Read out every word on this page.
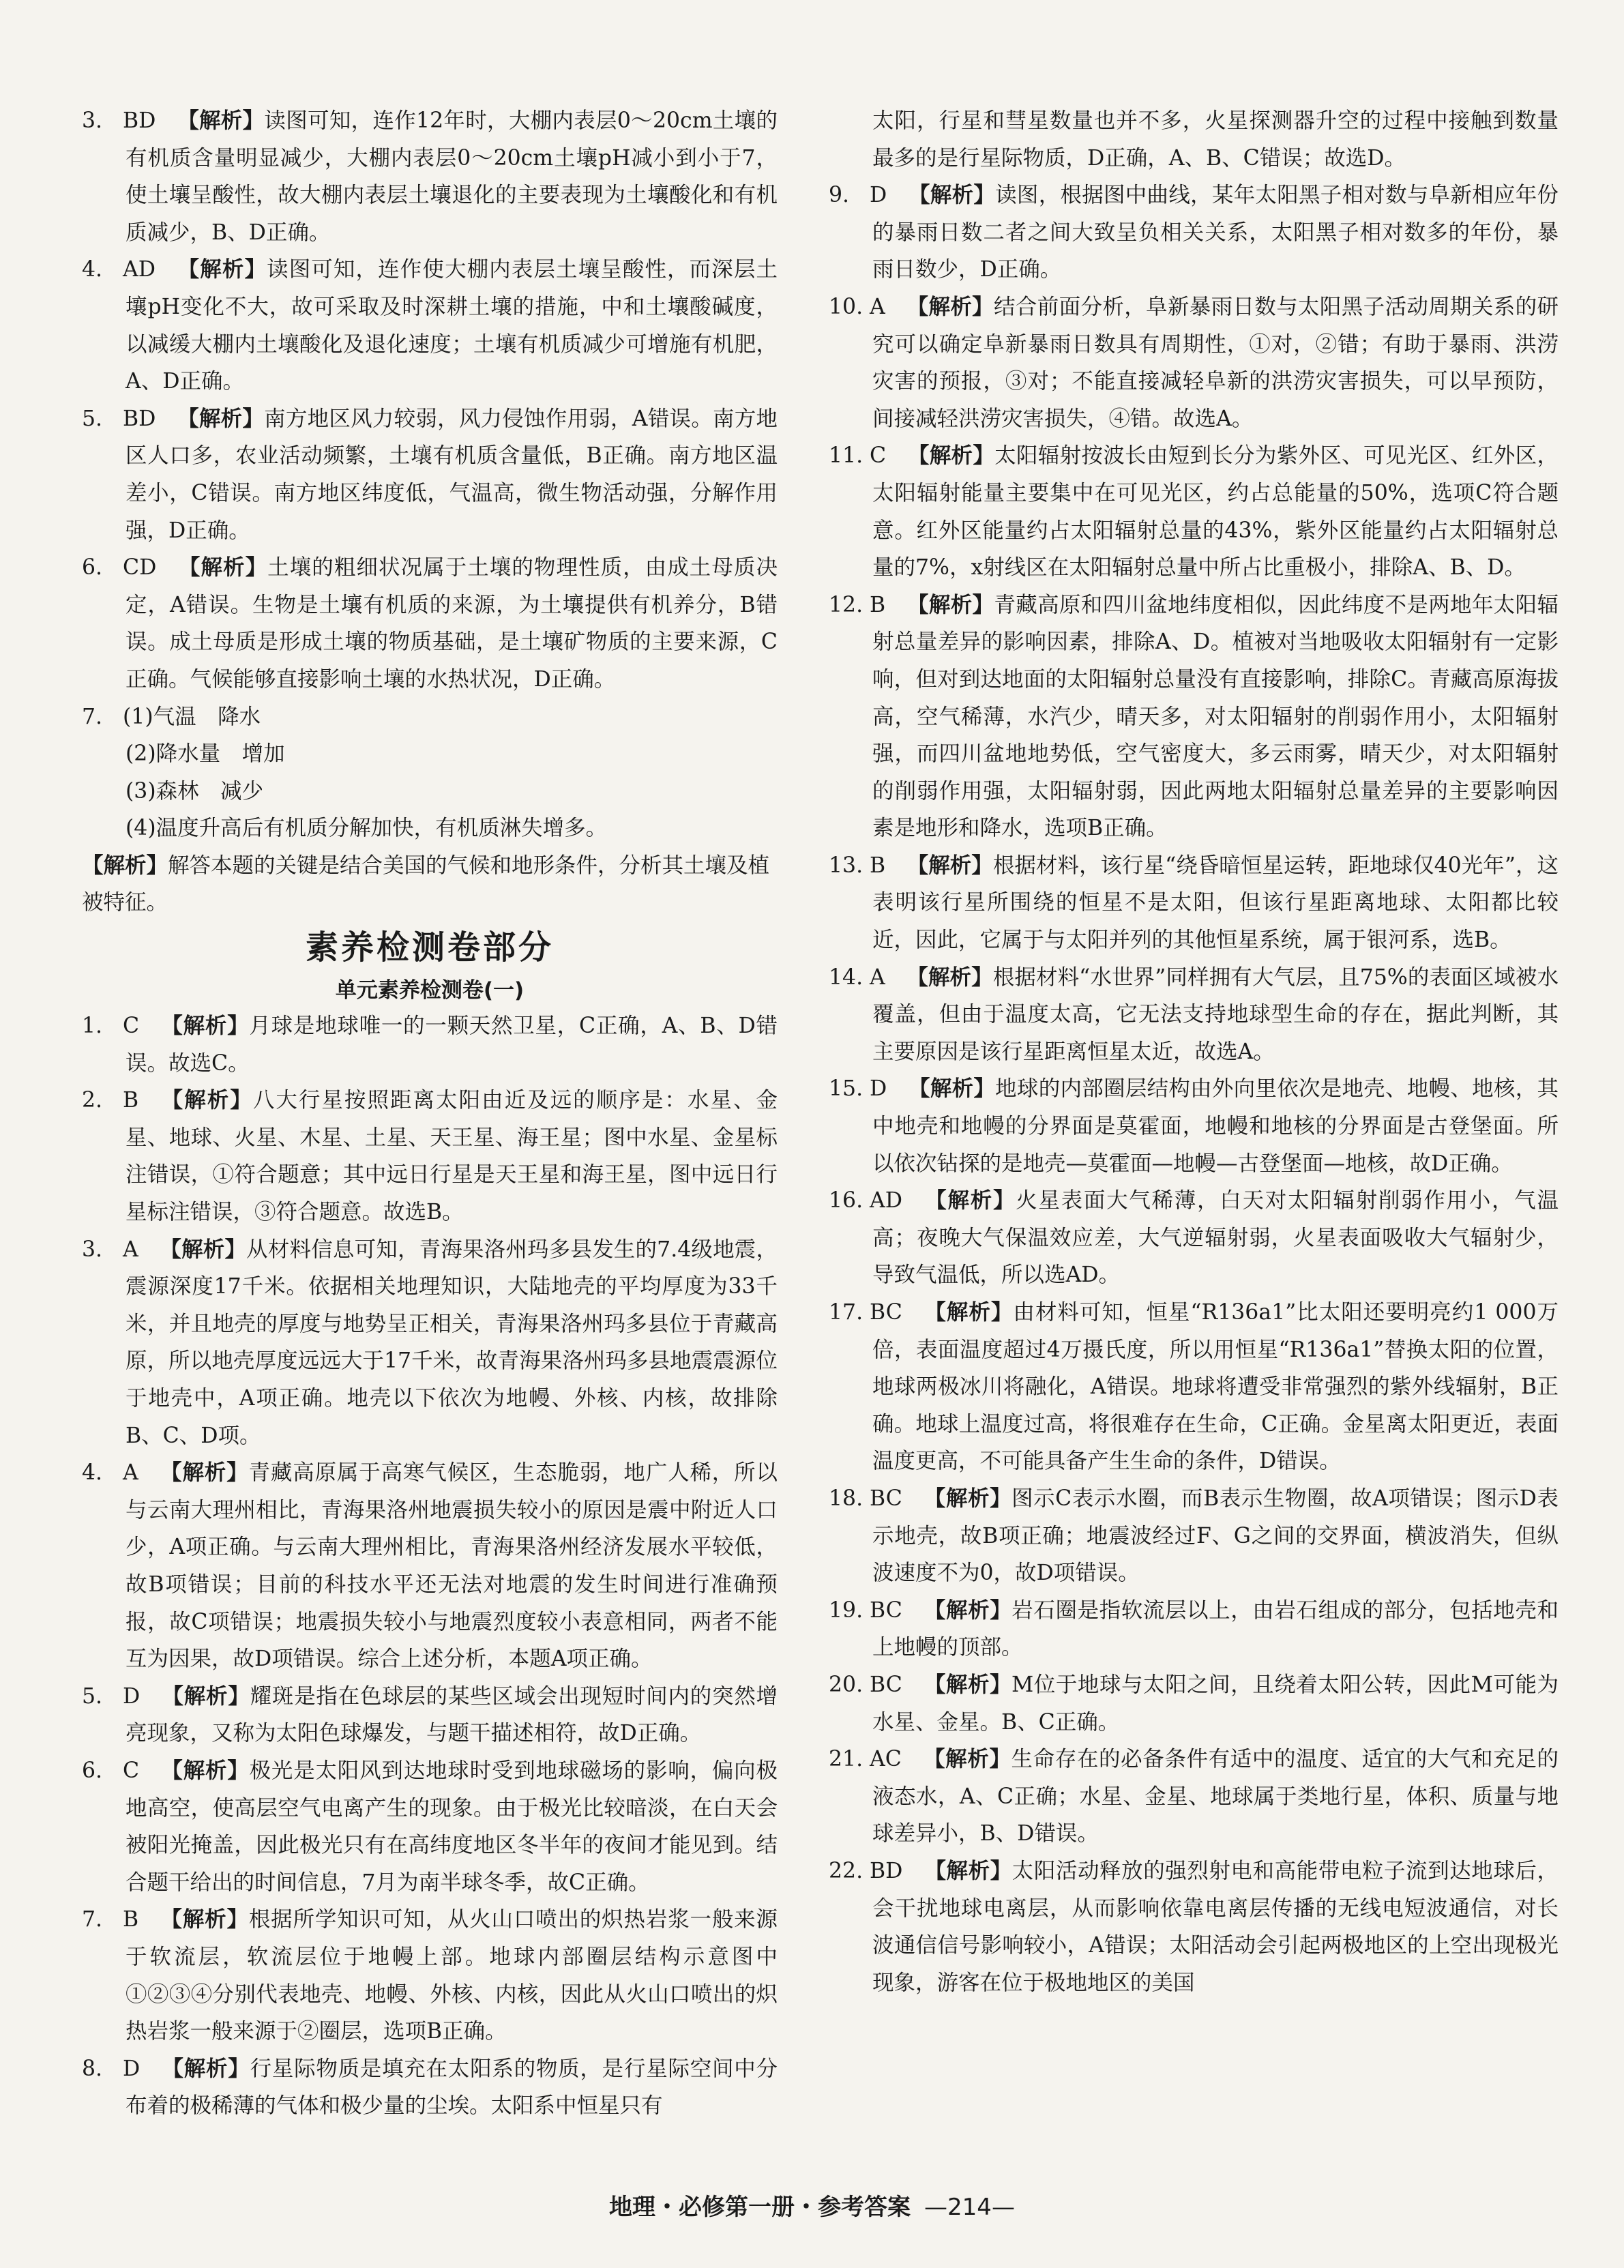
3. BD  【解析】读图可知，连作12年时，大棚内表层0～20cm土壤的有机质含量明显减少，大棚内表层0～20cm土壤pH减小到小于7，使土壤呈酸性，故大棚内表层土壤退化的主要表现为土壤酸化和有机质减少，B、D正确。
4. AD  【解析】读图可知，连作使大棚内表层土壤呈酸性，而深层土壤pH变化不大，故可采取及时深耕土壤的措施，中和土壤酸碱度，以减缓大棚内土壤酸化及退化速度；土壤有机质减少可增施有机肥，A、D正确。
5. BD  【解析】南方地区风力较弱，风力侵蚀作用弱，A错误。南方地区人口多，农业活动频繁，土壤有机质含量低，B正确。南方地区温差小，C错误。南方地区纬度低，气温高，微生物活动强，分解作用强，D正确。
6. CD  【解析】土壤的粗细状况属于土壤的物理性质，由成土母质决定，A错误。生物是土壤有机质的来源，为土壤提供有机养分，B错误。成土母质是形成土壤的物质基础，是土壤矿物质的主要来源，C正确。气候能够直接影响土壤的水热状况，D正确。
7. (1)气温　降水
(2)降水量　增加
(3)森林　减少
(4)温度升高后有机质分解加快，有机质淋失增多。
【解析】解答本题的关键是结合美国的气候和地形条件，分析其土壤及植被特征。
素养检测卷部分
单元素养检测卷(一)
1. C  【解析】月球是地球唯一的一颗天然卫星，C正确，A、B、D错误。故选C。
2. B  【解析】八大行星按照距离太阳由近及远的顺序是：水星、金星、地球、火星、木星、土星、天王星、海王星；图中水星、金星标注错误，①符合题意；其中远日行星是天王星和海王星，图中远日行星标注错误，③符合题意。故选B。
3. A  【解析】从材料信息可知，青海果洛州玛多县发生的7.4级地震，震源深度17千米。依据相关地理知识，大陆地壳的平均厚度为33千米，并且地壳的厚度与地势呈正相关，青海果洛州玛多县位于青藏高原，所以地壳厚度远远大于17千米，故青海果洛州玛多县地震震源位于地壳中，A项正确。地壳以下依次为地幔、外核、内核，故排除B、C、D项。
4. A  【解析】青藏高原属于高寒气候区，生态脆弱，地广人稀，所以与云南大理州相比，青海果洛州地震损失较小的原因是震中附近人口少，A项正确。与云南大理州相比，青海果洛州经济发展水平较低，故B项错误；目前的科技水平还无法对地震的发生时间进行准确预报，故C项错误；地震损失较小与地震烈度较小表意相同，两者不能互为因果，故D项错误。综合上述分析，本题A项正确。
5. D  【解析】耀斑是指在色球层的某些区域会出现短时间内的突然增亮现象，又称为太阳色球爆发，与题干描述相符，故D正确。
6. C  【解析】极光是太阳风到达地球时受到地球磁场的影响，偏向极地高空，使高层空气电离产生的现象。由于极光比较暗淡，在白天会被阳光掩盖，因此极光只有在高纬度地区冬半年的夜间才能见到。结合题干给出的时间信息，7月为南半球冬季，故C正确。
7. B  【解析】根据所学知识可知，从火山口喷出的炽热岩浆一般来源于软流层，软流层位于地幔上部。地球内部圈层结构示意图中①②③④分别代表地壳、地幔、外核、内核，因此从火山口喷出的炽热岩浆一般来源于②圈层，选项B正确。
8. D  【解析】行星际物质是填充在太阳系的物质，是行星际空间中分布着的极稀薄的气体和极少量的尘埃。太阳系中恒星只有
太阳，行星和彗星数量也并不多，火星探测器升空的过程中接触到数量最多的是行星际物质，D正确，A、B、C错误；故选D。
9. D  【解析】读图，根据图中曲线，某年太阳黑子相对数与阜新相应年份的暴雨日数二者之间大致呈负相关关系，太阳黑子相对数多的年份，暴雨日数少，D正确。
10. A  【解析】结合前面分析，阜新暴雨日数与太阳黑子活动周期关系的研究可以确定阜新暴雨日数具有周期性，①对，②错；有助于暴雨、洪涝灾害的预报，③对；不能直接减轻阜新的洪涝灾害损失，可以早预防，间接减轻洪涝灾害损失，④错。故选A。
11. C  【解析】太阳辐射按波长由短到长分为紫外区、可见光区、红外区，太阳辐射能量主要集中在可见光区，约占总能量的50%，选项C符合题意。红外区能量约占太阳辐射总量的43%，紫外区能量约占太阳辐射总量的7%，x射线区在太阳辐射总量中所占比重极小，排除A、B、D。
12. B  【解析】青藏高原和四川盆地纬度相似，因此纬度不是两地年太阳辐射总量差异的影响因素，排除A、D。植被对当地吸收太阳辐射有一定影响，但对到达地面的太阳辐射总量没有直接影响，排除C。青藏高原海拔高，空气稀薄，水汽少，晴天多，对太阳辐射的削弱作用小，太阳辐射强，而四川盆地地势低，空气密度大，多云雨雾，晴天少，对太阳辐射的削弱作用强，太阳辐射弱，因此两地太阳辐射总量差异的主要影响因素是地形和降水，选项B正确。
13. B  【解析】根据材料，该行星“绕昏暗恒星运转，距地球仅40光年”，这表明该行星所围绕的恒星不是太阳，但该行星距离地球、太阳都比较近，因此，它属于与太阳并列的其他恒星系统，属于银河系，选B。
14. A  【解析】根据材料“水世界”同样拥有大气层，且75%的表面区域被水覆盖，但由于温度太高，它无法支持地球型生命的存在，据此判断，其主要原因是该行星距离恒星太近，故选A。
15. D  【解析】地球的内部圈层结构由外向里依次是地壳、地幔、地核，其中地壳和地幔的分界面是莫霍面，地幔和地核的分界面是古登堡面。所以依次钻探的是地壳—莫霍面—地幔—古登堡面—地核，故D正确。
16. AD  【解析】火星表面大气稀薄，白天对太阳辐射削弱作用小，气温高；夜晚大气保温效应差，大气逆辐射弱，火星表面吸收大气辐射少，导致气温低，所以选AD。
17. BC  【解析】由材料可知，恒星“R136a1”比太阳还要明亮约1 000万倍，表面温度超过4万摄氏度，所以用恒星“R136a1”替换太阳的位置，地球两极冰川将融化，A错误。地球将遭受非常强烈的紫外线辐射，B正确。地球上温度过高，将很难存在生命，C正确。金星离太阳更近，表面温度更高，不可能具备产生生命的条件，D错误。
18. BC  【解析】图示C表示水圈，而B表示生物圈，故A项错误；图示D表示地壳，故B项正确；地震波经过F、G之间的交界面，横波消失，但纵波速度不为0，故D项错误。
19. BC  【解析】岩石圈是指软流层以上，由岩石组成的部分，包括地壳和上地幔的顶部。
20. BC  【解析】M位于地球与太阳之间，且绕着太阳公转，因此M可能为水星、金星。B、C正确。
21. AC  【解析】生命存在的必备条件有适中的温度、适宜的大气和充足的液态水，A、C正确；水星、金星、地球属于类地行星，体积、质量与地球差异小，B、D错误。
22. BD  【解析】太阳活动释放的强烈射电和高能带电粒子流到达地球后，会干扰地球电离层，从而影响依靠电离层传播的无线电短波通信，对长波通信信号影响较小，A错误；太阳活动会引起两极地区的上空出现极光现象，游客在位于极地地区的美国
地理・必修第一册・参考答案 —214—
